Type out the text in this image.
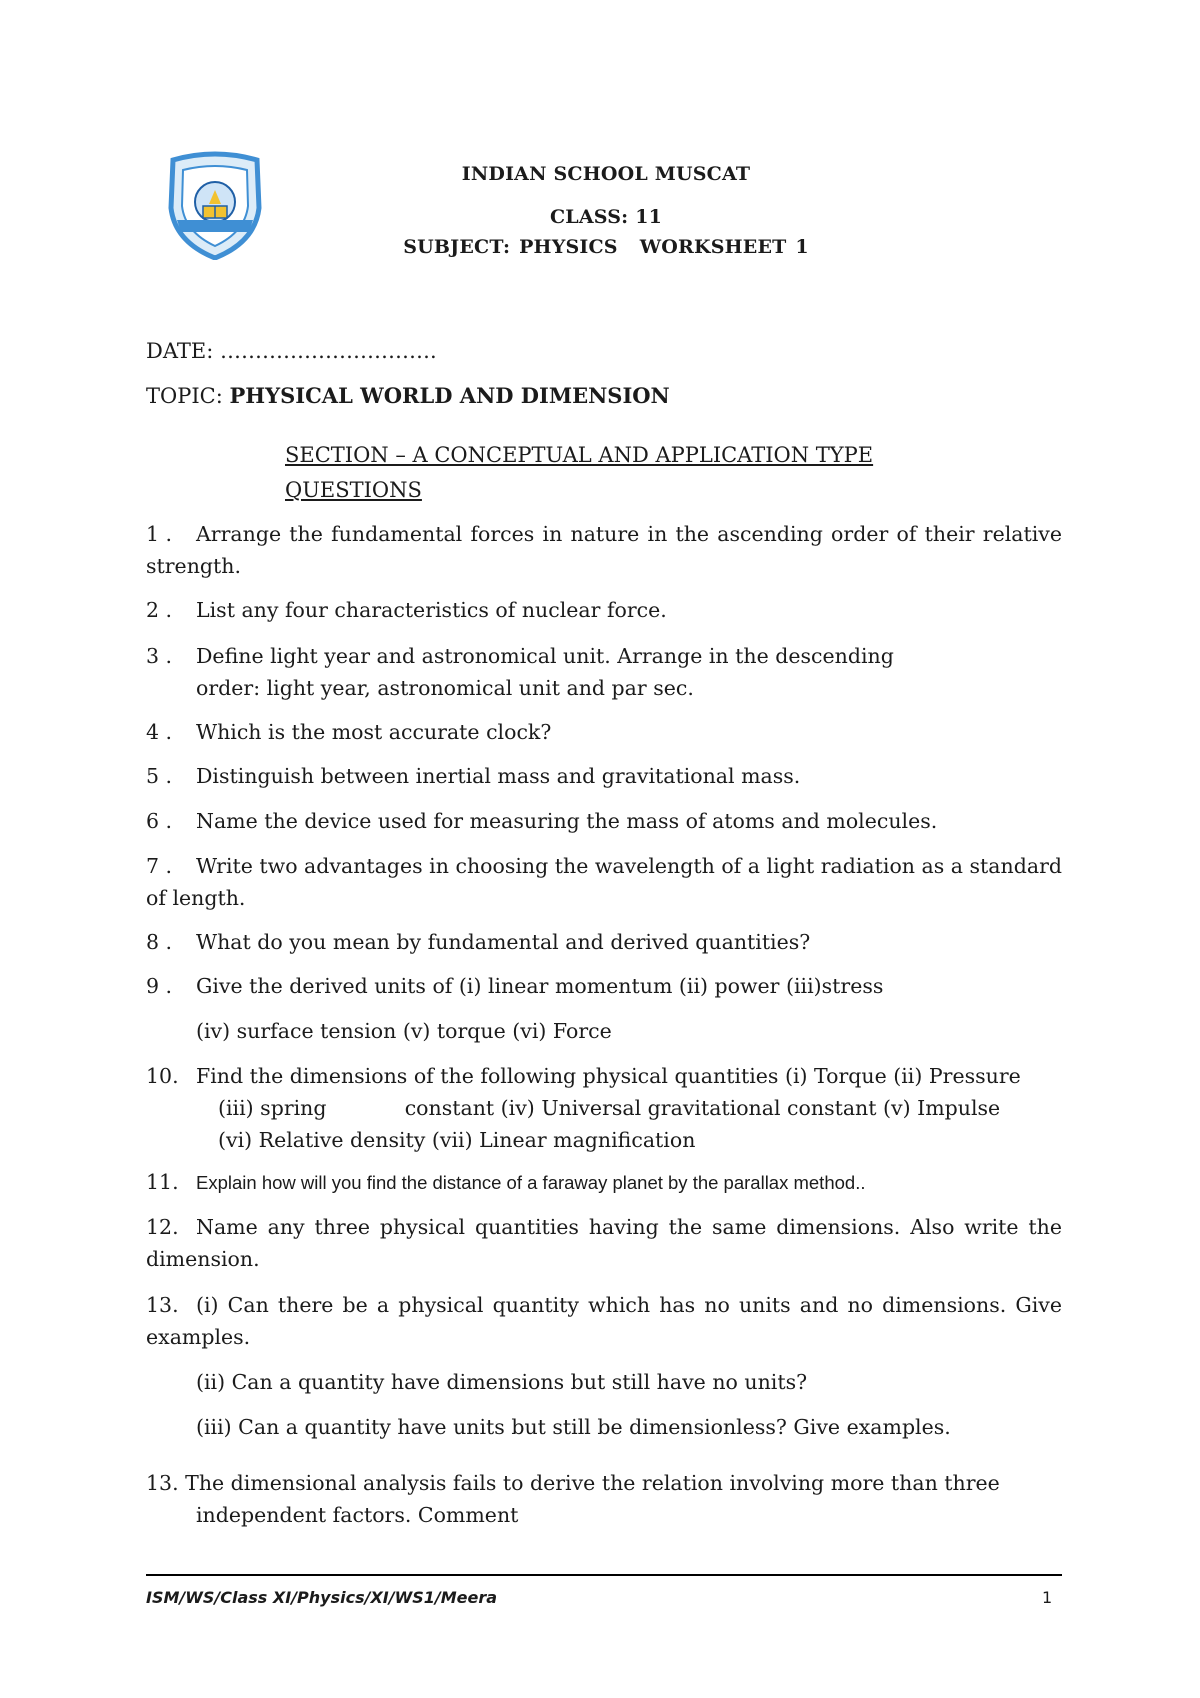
INDIAN SCHOOL MUSCAT
CLASS: 11
SUBJECT: PHYSICS WORKSHEET 1
DATE: ………………………….
TOPIC: PHYSICAL WORLD AND DIMENSION
SECTION – A CONCEPTUAL AND APPLICATION TYPE
QUESTIONS
1 . Arrange the fundamental forces in nature in the ascending order of their relative strength.
2 . List any four characteristics of nuclear force.
3 . Define light year and astronomical unit. Arrange in the descending
order: light year, astronomical unit and par sec.
4 . Which is the most accurate clock?
5 . Distinguish between inertial mass and gravitational mass.
6 . Name the device used for measuring the mass of atoms and molecules.
7 . Write two advantages in choosing the wavelength of a light radiation as a standard of length.
8 . What do you mean by fundamental and derived quantities?
9 . Give the derived units of (i) linear momentum (ii) power (iii)stress
(iv) surface tension (v) torque (vi) Force
10. Find the dimensions of the following physical quantities (i) Torque (ii) Pressure
(iii) spring            constant (iv) Universal gravitational constant (v) Impulse
(vi) Relative density (vii) Linear magnification
11. Explain how will you find the distance of a faraway planet by the parallax method..
12. Name any three physical quantities having the same dimensions. Also write the dimension.
13. (i) Can there be a physical quantity which has no units and no dimensions. Give examples.
(ii) Can a quantity have dimensions but still have no units?
(iii) Can a quantity have units but still be dimensionless? Give examples.
13. The dimensional analysis fails to derive the relation involving more than three
independent factors. Comment
ISM/WS/Class XI/Physics/XI/WS1/Meera	1
